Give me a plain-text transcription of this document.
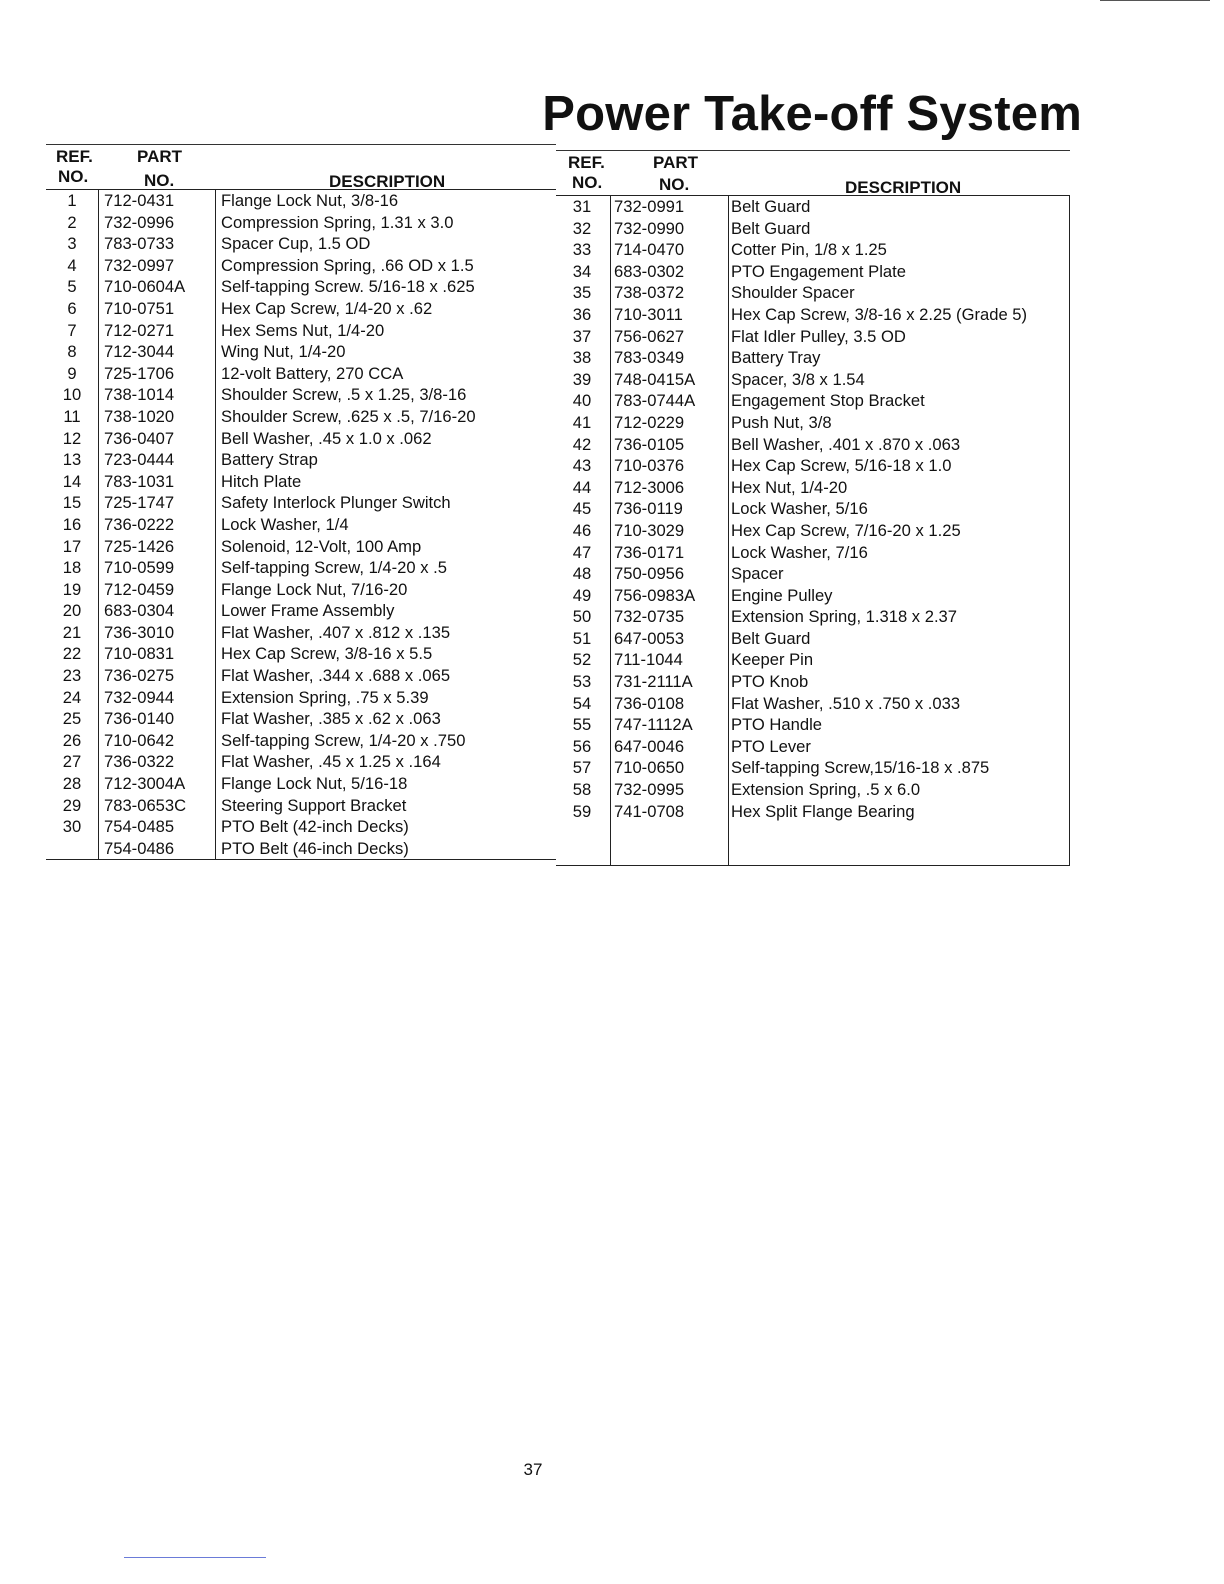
Power Take-off System
REF.
NO.
PART
NO.	DESCRIPTION
1	712-0431	Flange Lock Nut, 3/8-16
2	732-0996	Compression Spring, 1.31 x 3.0
3	783-0733	Spacer Cup, 1.5 OD
4	732-0997	Compression Spring, .66 OD x 1.5
5	710-0604A Self-tapping Screw. 5/16-18 x .625
6	710-0751	Hex Cap Screw, 1/4-20 x .62
7	712-0271	Hex Sems Nut, 1/4-20
8	712-3044	Wing Nut, 1/4-20
9	725-1706	12-volt Battery, 270 CCA
10	738-1014	Shoulder Screw, .5 x 1.25, 3/8-16
11	738-1020	Shoulder Screw, .625 x .5, 7/16-20
12	736-0407	Bell Washer, .45 x 1.0 x .062
13	723-0444	Battery Strap
14	783-1031	Hitch Plate
15	725-1747	Safety Interlock Plunger Switch
16	736-0222	Lock Washer, 1/4
17	725-1426	Solenoid, 12-Volt, 100 Amp
18	710-0599	Self-tapping Screw, 1/4-20 x .5
19	712-0459	Flange Lock Nut, 7/16-20
20	683-0304	Lower Frame Assembly
21	736-3010	Flat Washer, .407 x .812 x .135
22	710-0831	Hex Cap Screw, 3/8-16 x 5.5
23	736-0275	Flat Washer, .344 x .688 x .065
24	732-0944	Extension Spring, .75 x 5.39
25	736-0140	Flat Washer, .385 x .62 x .063
26	710-0642	Self-tapping Screw, 1/4-20 x .750
27	736-0322	Flat Washer, .45 x 1.25 x .164
28	712-3004A Flange Lock Nut, 5/16-18
29	783-0653C Steering Support Bracket
30	754-0485	PTO Belt (42-inch Decks)
754-0486	PTO Belt (46-inch Decks)
REF.
NO.
PART
NO.	DESCRIPTION
31	732-0991	Belt Guard
32	732-0990	Belt Guard
33	714-0470	Cotter Pin, 1/8 x 1.25
34	683-0302	PTO Engagement Plate
35	738-0372	Shoulder Spacer
36	710-3011	Hex Cap Screw, 3/8-16 x 2.25 (Grade 5)
37	756-0627	Flat Idler Pulley, 3.5 OD
38	783-0349	Battery Tray
39	748-0415A Spacer, 3/8 x 1.54
40	783-0744A Engagement Stop Bracket
41	712-0229	Push Nut, 3/8
42	736-0105	Bell Washer, .401 x .870 x .063
43	710-0376	Hex Cap Screw, 5/16-18 x 1.0
44	712-3006	Hex Nut, 1/4-20
45	736-0119	Lock Washer, 5/16
46	710-3029	Hex Cap Screw, 7/16-20 x 1.25
47	736-0171	Lock Washer, 7/16
48	750-0956	Spacer
49	756-0983A Engine Pulley
50	732-0735	Extension Spring, 1.318 x 2.37
51	647-0053	Belt Guard
52	711-1044	Keeper Pin
53	731-2111A PTO Knob
54	736-0108	Flat Washer, .510 x .750 x .033
55	747-1112A PTO Handle
56	647-0046	PTO Lever
57	710-0650	Self-tapping Screw,15/16-18 x .875
58	732-0995	Extension Spring, .5 x 6.0
59	741-0708	Hex Split Flange Bearing
37
